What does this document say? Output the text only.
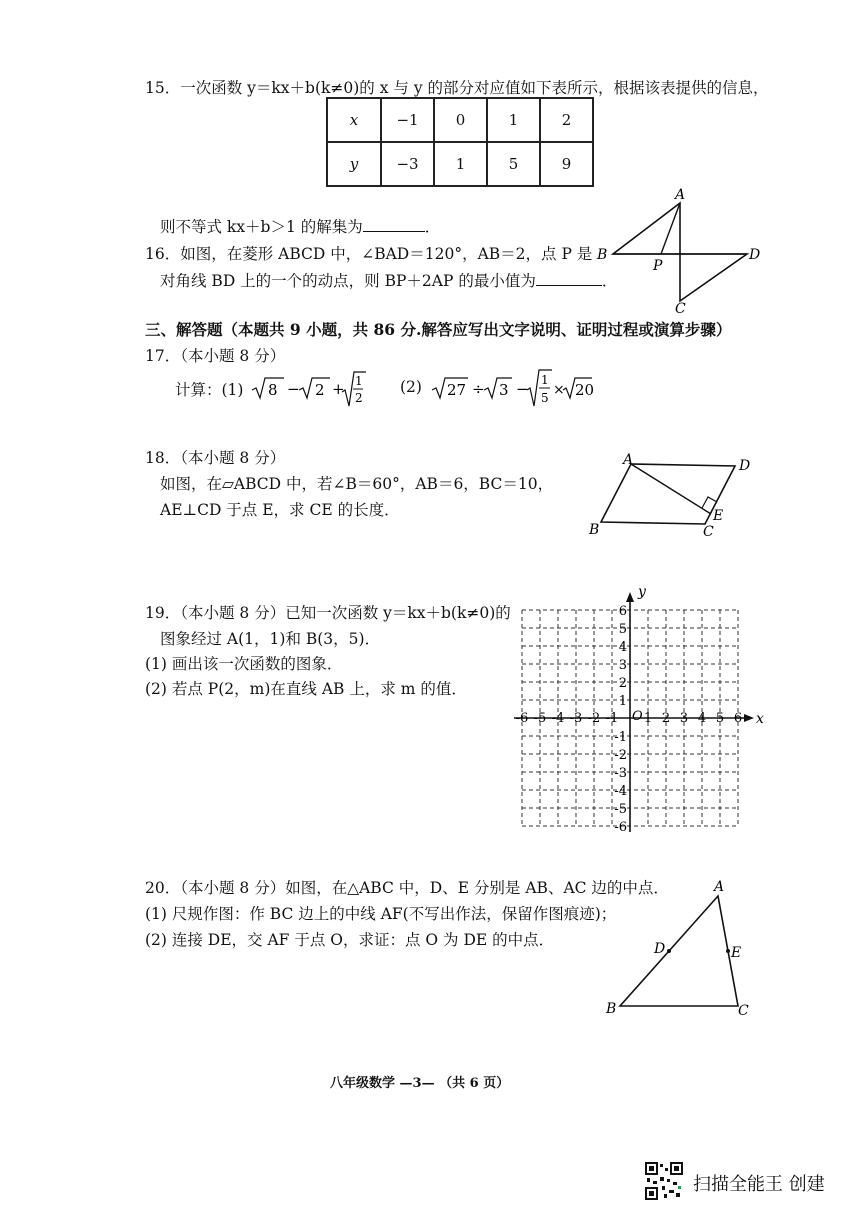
15．一次函数 y＝kx＋b(k≠0)的 x 与 y 的部分对应值如下表所示，根据该表提供的信息，
x	−1	0	1	2
y	−3	1	5	9
则不等式 kx＋b＞1 的解集为	．
16．如图，在菱形 ABCD 中，∠BAD＝120°，AB＝2，点 P 是
对角线 BD 上的一个的动点，则 BP＋2AP 的最小值为	．
A
B	D
C
P
三、解答题（本题共 9 小题，共 86 分.解答应写出文字说明、证明过程或演算步骤）
17．（本小题 8 分）
计算：(1) 8 − 2 + 1
2
(2) 27 ÷ 3 − 1
5 × 20
18．（本小题 8 分）
如图，在▱ABCD 中，若∠B＝60°，AB＝6，BC＝10，
AE⊥CD 于点 E，求 CE 的长度．
A	D
B	C
E
19．（本小题 8 分）已知一次函数 y＝kx＋b(k≠0)的
图象经过 A(1，1)和 B(3，5)．
(1) 画出该一次函数的图象．
(2) 若点 P(2，m)在直线 AB 上，求 m 的值．
-6
-6
-5
-5
-4
-4
-3
-3
-2
-2
-1
-1
1
1
2
2
3
3
4
4
5
5
6
6
O	x
y
20．（本小题 8 分）如图，在△ABC 中，D、E 分别是 AB、AC 边的中点．
(1) 尺规作图：作 BC 边上的中线 AF(不写出作法，保留作图痕迹)；
(2) 连接 DE，交 AF 于点 O，求证：点 O 为 DE 的中点．
A
B	C
D	E
八年级数学 —3— （共 6 页）
扫描全能王 创建
